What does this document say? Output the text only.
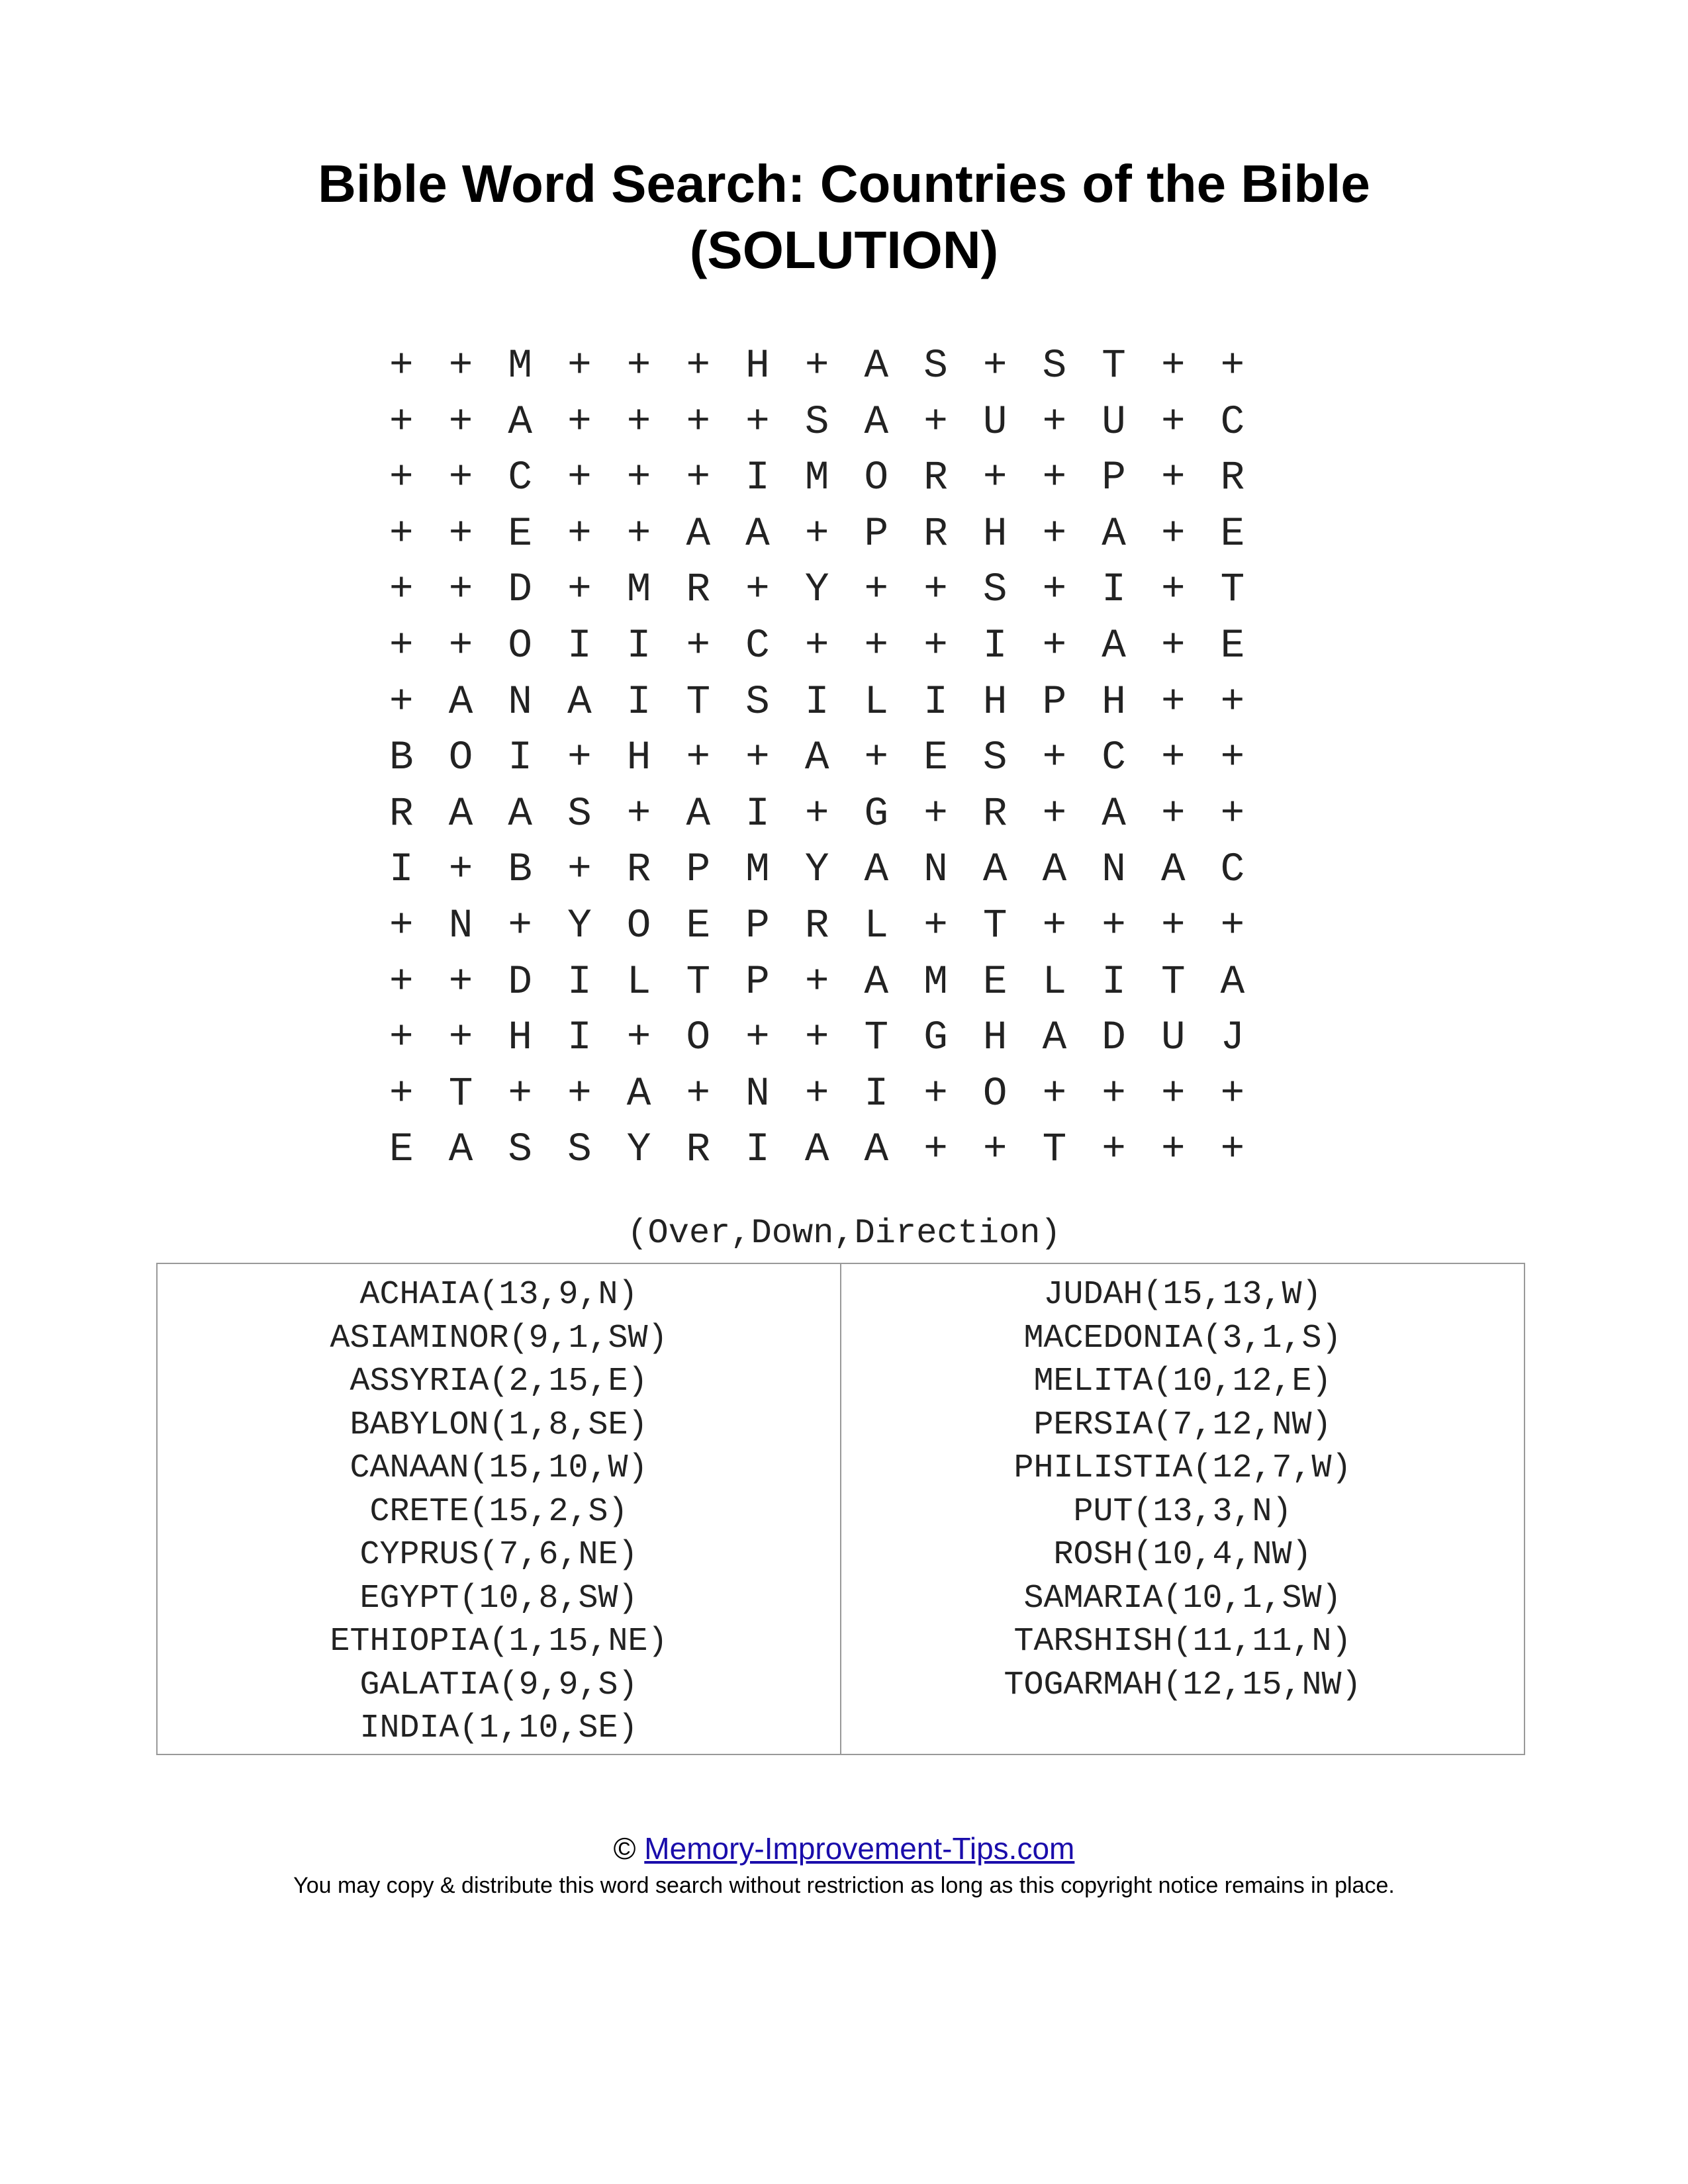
Bible Word Search: Countries of the Bible
(SOLUTION)
+ + M + + + H + A S + S T + +
+ + A + + + + S A + U + U + C
+ + C + + + I M O R + + P + R
+ + E + + A A + P R H + A + E
+ + D + M R + Y + + S + I + T
+ + O I I + C + + + I + A + E
+ A N A I T S I L I H P H + +
B O I + H + + A + E S + C + +
R A A S + A I + G + R + A + +
I + B + R P M Y A N A A N A C
+ N + Y O E P R L + T + + + +
+ + D I L T P + A M E L I T A
+ + H I + O + + T G H A D U J
+ T + + A + N + I + O + + + +
E A S S Y R I A A + + T + + +
(Over,Down,Direction)
ACHAIA(13,9,N)
ASIAMINOR(9,1,SW)
ASSYRIA(2,15,E)
BABYLON(1,8,SE)
CANAAN(15,10,W)
CRETE(15,2,S)
CYPRUS(7,6,NE)
EGYPT(10,8,SW)
ETHIOPIA(1,15,NE)
GALATIA(9,9,S)
INDIA(1,10,SE)
JUDAH(15,13,W)
MACEDONIA(3,1,S)
MELITA(10,12,E)
PERSIA(7,12,NW)
PHILISTIA(12,7,W)
PUT(13,3,N)
ROSH(10,4,NW)
SAMARIA(10,1,SW)
TARSHISH(11,11,N)
TOGARMAH(12,15,NW)
© Memory-Improvement-Tips.com
You may copy & distribute this word search without restriction as long as this copyright notice remains in place.
